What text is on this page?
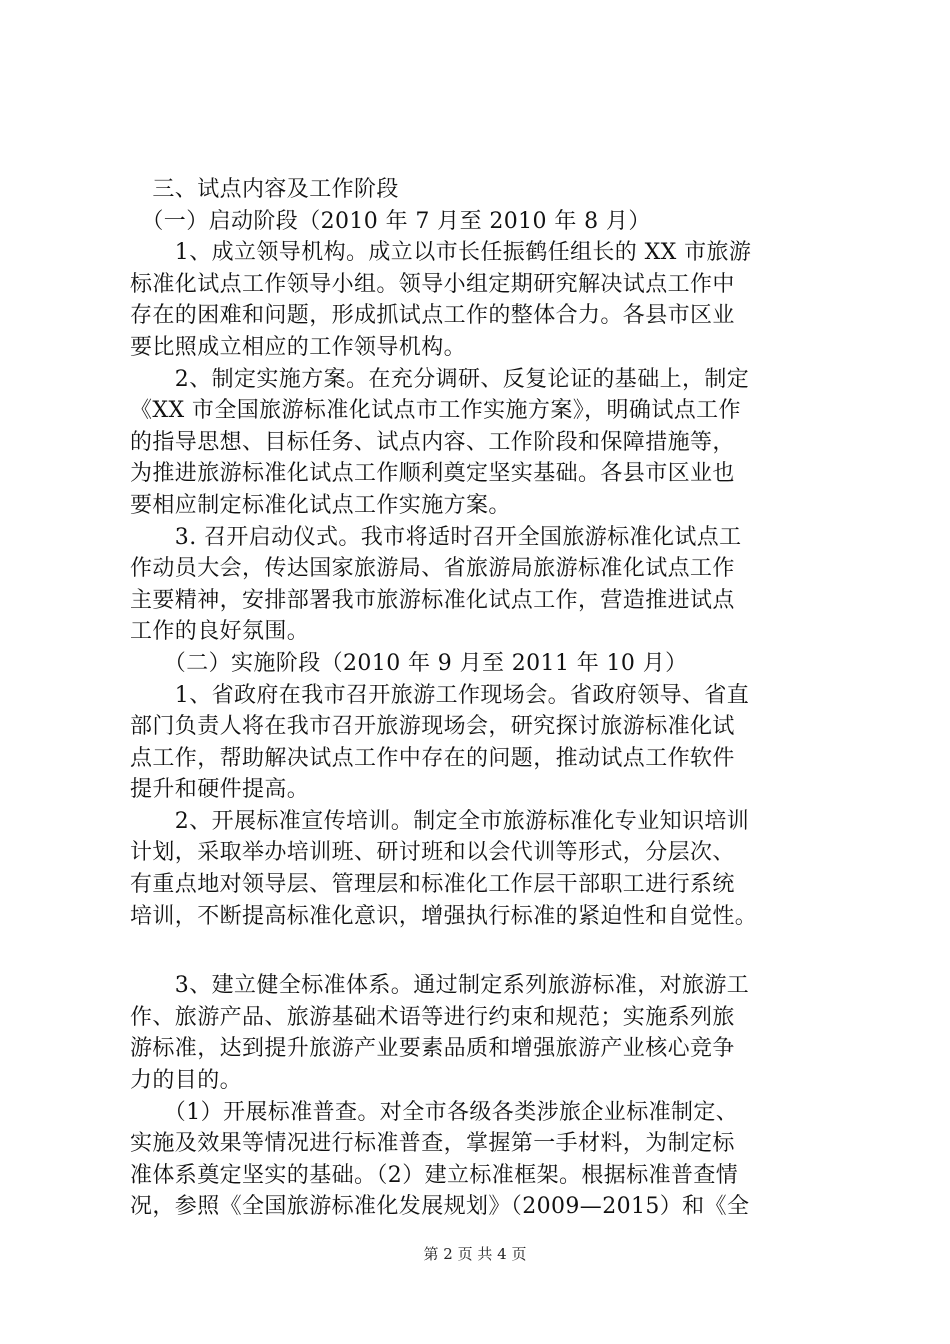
　三、试点内容及工作阶段
　（一）启动阶段（2010 年 7 月至 2010 年 8 月）
　　1、成立领导机构。成立以市长任振鹤任组长的 XX 市旅游
标准化试点工作领导小组。领导小组定期研究解决试点工作中
存在的困难和问题，形成抓试点工作的整体合力。各县市区业
要比照成立相应的工作领导机构。
　　2、制定实施方案。在充分调研、反复论证的基础上，制定
《XX 市全国旅游标准化试点市工作实施方案》，明确试点工作
的指导思想、目标任务、试点内容、工作阶段和保障措施等，
为推进旅游标准化试点工作顺利奠定坚实基础。各县市区业也
要相应制定标准化试点工作实施方案。
　　3. 召开启动仪式。我市将适时召开全国旅游标准化试点工
作动员大会，传达国家旅游局、省旅游局旅游标准化试点工作
主要精神，安排部署我市旅游标准化试点工作，营造推进试点
工作的良好氛围。
　　（二）实施阶段（2010 年 9 月至 2011 年 10 月）
　　1、省政府在我市召开旅游工作现场会。省政府领导、省直
部门负责人将在我市召开旅游现场会，研究探讨旅游标准化试
点工作，帮助解决试点工作中存在的问题，推动试点工作软件
提升和硬件提高。
　　2、开展标准宣传培训。制定全市旅游标准化专业知识培训
计划，采取举办培训班、研讨班和以会代训等形式，分层次、
有重点地对领导层、管理层和标准化工作层干部职工进行系统
培训，不断提高标准化意识，增强执行标准的紧迫性和自觉性。
　　3、建立健全标准体系。通过制定系列旅游标准，对旅游工
作、旅游产品、旅游基础术语等进行约束和规范；实施系列旅
游标准，达到提升旅游产业要素品质和增强旅游产业核心竞争
力的目的。
　　（1）开展标准普查。对全市各级各类涉旅企业标准制定、
实施及效果等情况进行标准普查，掌握第一手材料，为制定标
准体系奠定坚实的基础。（2）建立标准框架。根据标准普查情
况，参照《全国旅游标准化发展规划》（2009—2015）和《全
第 2 页 共 4 页
